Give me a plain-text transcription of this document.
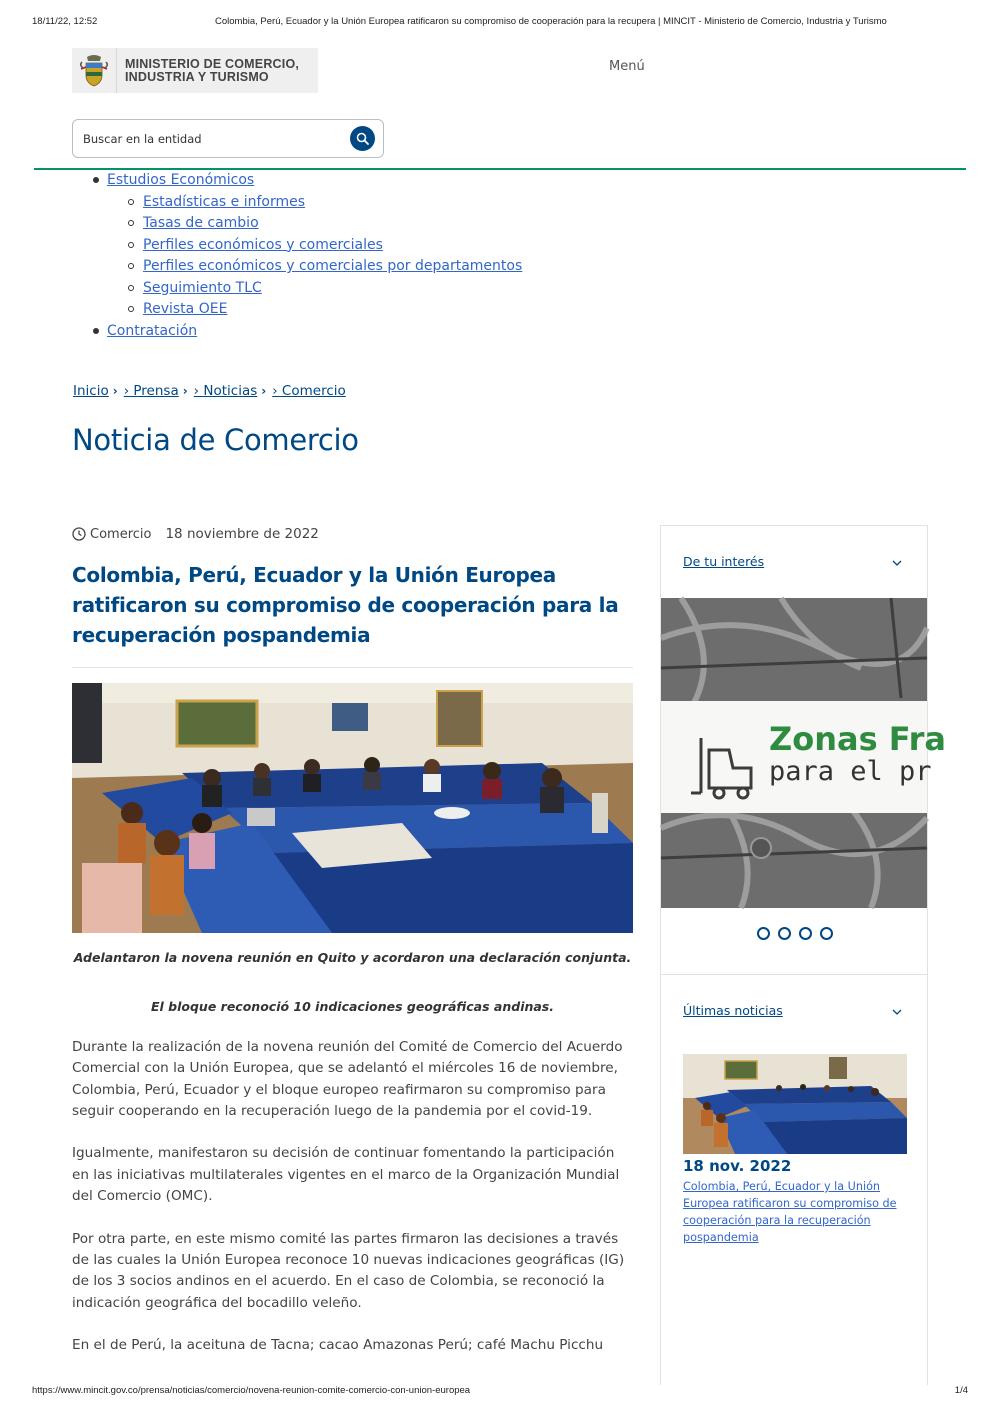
18/11/22, 12:52	Colombia, Perú, Ecuador y la Unión Europea ratificaron su compromiso de cooperación para la recupera | MINCIT - Ministerio de Comercio, Industria y Turismo
MINISTERIO DE COMERCIO,
INDUSTRIA Y TURISMO
Menú
Buscar en la entidad
Estudios Económicos
Estadísticas e informes
Tasas de cambio
Perfiles económicos y comerciales
Perfiles económicos y comerciales por departamentos
Seguimiento TLC
Revista OEE
Contratación
Inicio › › Prensa › › Noticias › › Comercio
Noticia de Comercio
Comercio 18 noviembre de 2022
Colombia, Perú, Ecuador y la Unión Europea ratificaron su compromiso de cooperación para la recuperación pospandemia
Adelantaron la novena reunión en Quito y acordaron una declaración conjunta.
El bloque reconoció 10 indicaciones geográficas andinas.

Durante la realización de la novena reunión del Comité de Comercio del Acuerdo Comercial con la Unión Europea, que se adelantó el miércoles 16 de noviembre, Colombia, Perú, Ecuador y el bloque europeo reafirmaron su compromiso para seguir cooperando en la recuperación luego de la pandemia por el covid-19.

Igualmente, manifestaron su decisión de continuar fomentando la participación en las iniciativas multilaterales vigentes en el marco de la Organización Mundial del Comercio (OMC).

Por otra parte, en este mismo comité las partes firmaron las decisiones a través de las cuales la Unión Europea reconoce 10 nuevas indicaciones geográficas (IG) de los 3 socios andinos en el acuerdo. En el caso de Colombia, se reconoció la indicación geográfica del bocadillo veleño.

En el de Perú, la aceituna de Tacna; cacao Amazonas Perú; café Machu Picchu

De tu interés
Zonas Fra
para el pr
Últimas noticias
18 nov. 2022
Colombia, Perú, Ecuador y la Unión Europea ratificaron su compromiso de cooperación para la recuperación pospandemia
https://www.mincit.gov.co/prensa/noticias/comercio/novena-reunion-comite-comercio-con-union-europea	1/4
